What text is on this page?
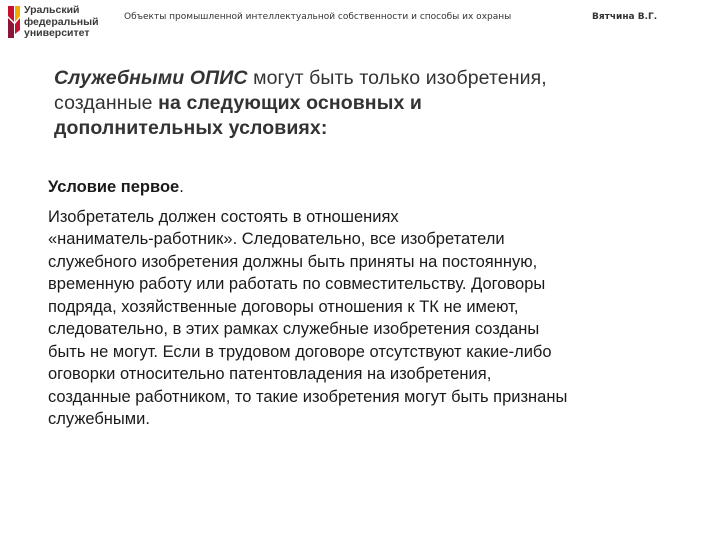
Уральский
федеральный
университет
Объекты промышленной интеллектуальной собственности и способы их охраны	Вятчина В.Г.
Служебными ОПИС могут быть только изобретения,
созданные на следующих основных и
дополнительных условиях:
Условие первое.
Изобретатель должен состоять в отношениях
«наниматель-работник». Следовательно, все изобретатели
служебного изобретения должны быть приняты на постоянную,
временную работу или работать по совместительству. Договоры
подряда, хозяйственные договоры отношения к ТК не имеют,
следовательно, в этих рамках служебные изобретения созданы
быть не могут. Если в трудовом договоре отсутствуют какие-либо
оговорки относительно патентовладения на изобретения,
созданные работником, то такие изобретения могут быть признаны
служебными.
